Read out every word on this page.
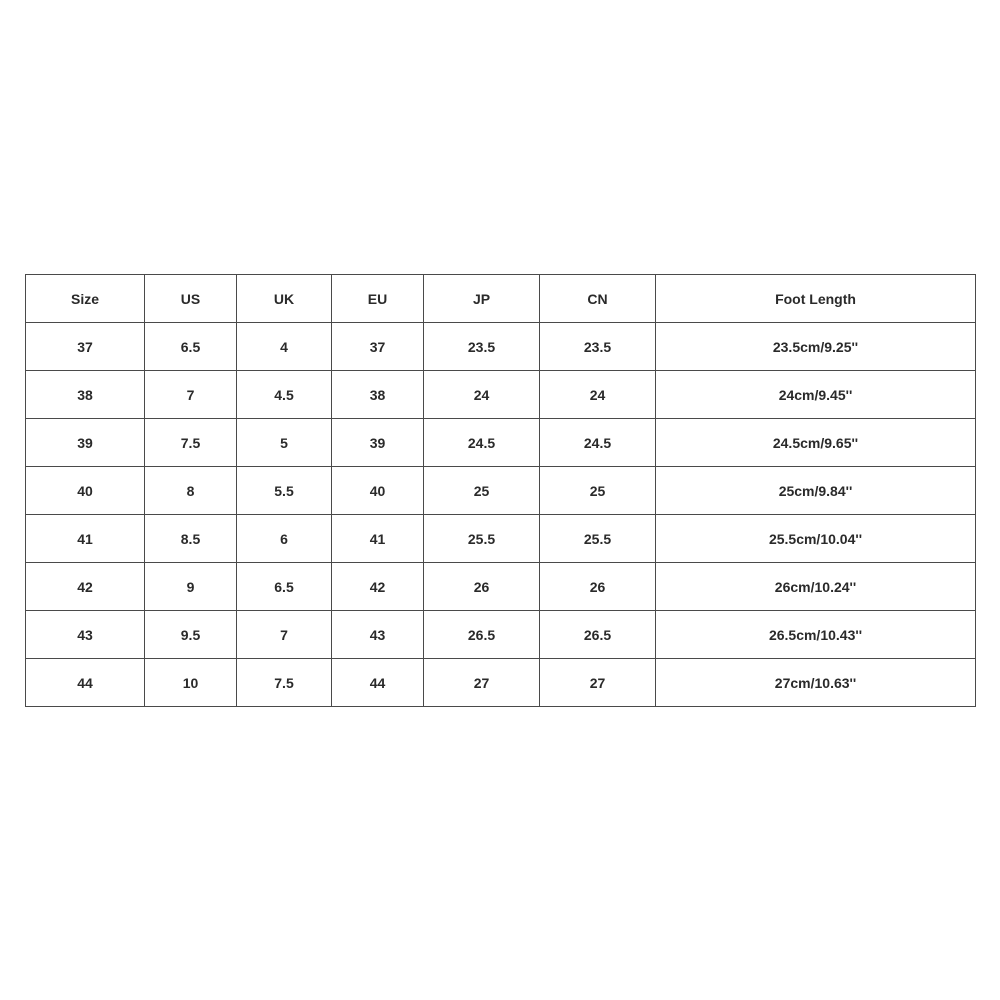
Size	US	UK	EU	JP	CN	Foot Length
37	6.5	4	37	23.5	23.5	23.5cm/9.25''
38	7	4.5	38	24	24	24cm/9.45''
39	7.5	5	39	24.5	24.5	24.5cm/9.65''
40	8	5.5	40	25	25	25cm/9.84''
41	8.5	6	41	25.5	25.5	25.5cm/10.04''
42	9	6.5	42	26	26	26cm/10.24''
43	9.5	7	43	26.5	26.5	26.5cm/10.43''
44	10	7.5	44	27	27	27cm/10.63''
